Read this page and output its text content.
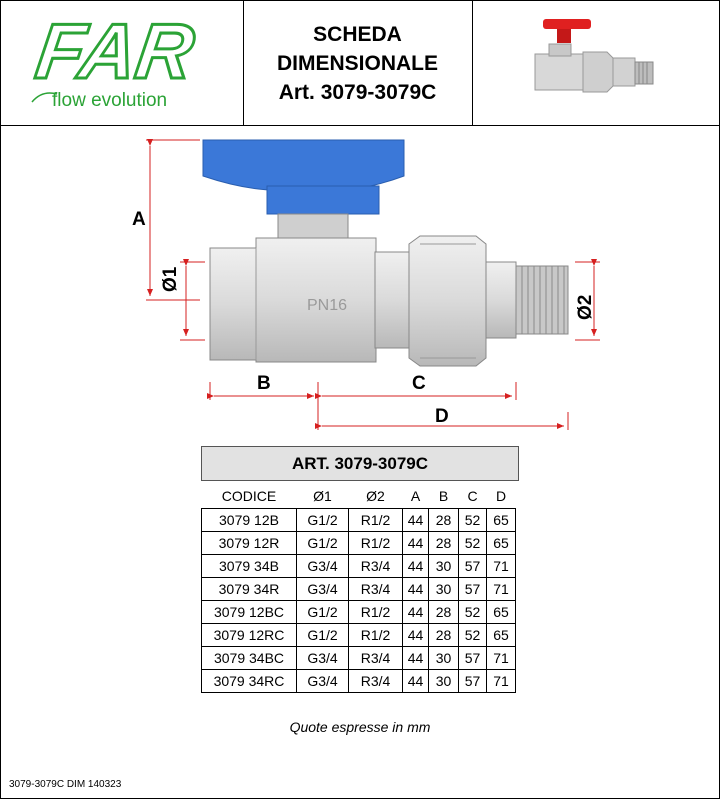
FAR
flow evolution
SCHEDA
DIMENSIONALE
Art. 3079-3079C
PN16
A
Ø1
Ø2
B	C
D
ART. 3079-3079C
CODICE	Ø1	Ø2	A	B	C	D
3079 12B	G1/2	R1/2	44	28	52	65
3079 12R	G1/2	R1/2	44	28	52	65
3079 34B	G3/4	R3/4	44	30	57	71
3079 34R	G3/4	R3/4	44	30	57	71
3079 12BC	G1/2	R1/2	44	28	52	65
3079 12RC	G1/2	R1/2	44	28	52	65
3079 34BC	G3/4	R3/4	44	30	57	71
3079 34RC	G3/4	R3/4	44	30	57	71
Quote espresse in mm
3079-3079C DIM 140323
